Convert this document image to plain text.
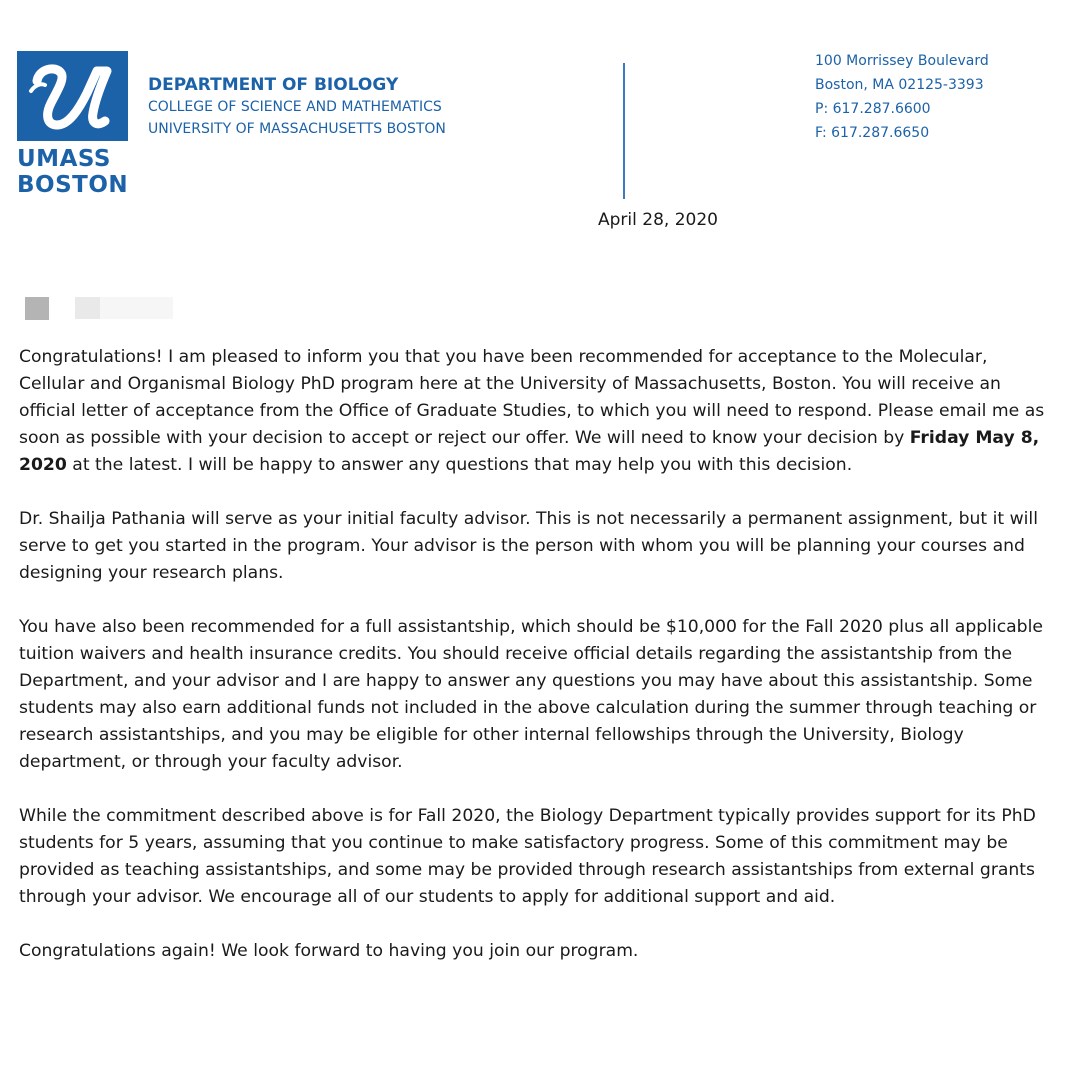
UMASS
BOSTON
DEPARTMENT OF BIOLOGY
COLLEGE OF SCIENCE AND MATHEMATICS
UNIVERSITY OF MASSACHUSETTS BOSTON
100 Morrissey Boulevard
Boston, MA 02125-3393
P: 617.287.6600
F: 617.287.6650
April 28, 2020

Congratulations! I am pleased to inform you that you have been recommended for acceptance to the Molecular, Cellular and Organismal Biology PhD program here at the University of Massachusetts, Boston. You will receive an official letter of acceptance from the Office of Graduate Studies, to which you will need to respond. Please email me as soon as possible with your decision to accept or reject our offer. We will need to know your decision by Friday May 8, 2020 at the latest. I will be happy to answer any questions that may help you with this decision.

Dr. Shailja Pathania will serve as your initial faculty advisor. This is not necessarily a permanent assignment, but it will serve to get you started in the program. Your advisor is the person with whom you will be planning your courses and designing your research plans.

You have also been recommended for a full assistantship, which should be $10,000 for the Fall 2020 plus all applicable tuition waivers and health insurance credits. You should receive official details regarding the assistantship from the Department, and your advisor and I are happy to answer any questions you may have about this assistantship. Some students may also earn additional funds not included in the above calculation during the summer through teaching or research assistantships, and you may be eligible for other internal fellowships through the University, Biology department, or through your faculty advisor.

While the commitment described above is for Fall 2020, the Biology Department typically provides support for its PhD students for 5 years, assuming that you continue to make satisfactory progress. Some of this commitment may be provided as teaching assistantships, and some may be provided through research assistantships from external grants through your advisor. We encourage all of our students to apply for additional support and aid.

Congratulations again! We look forward to having you join our program.
